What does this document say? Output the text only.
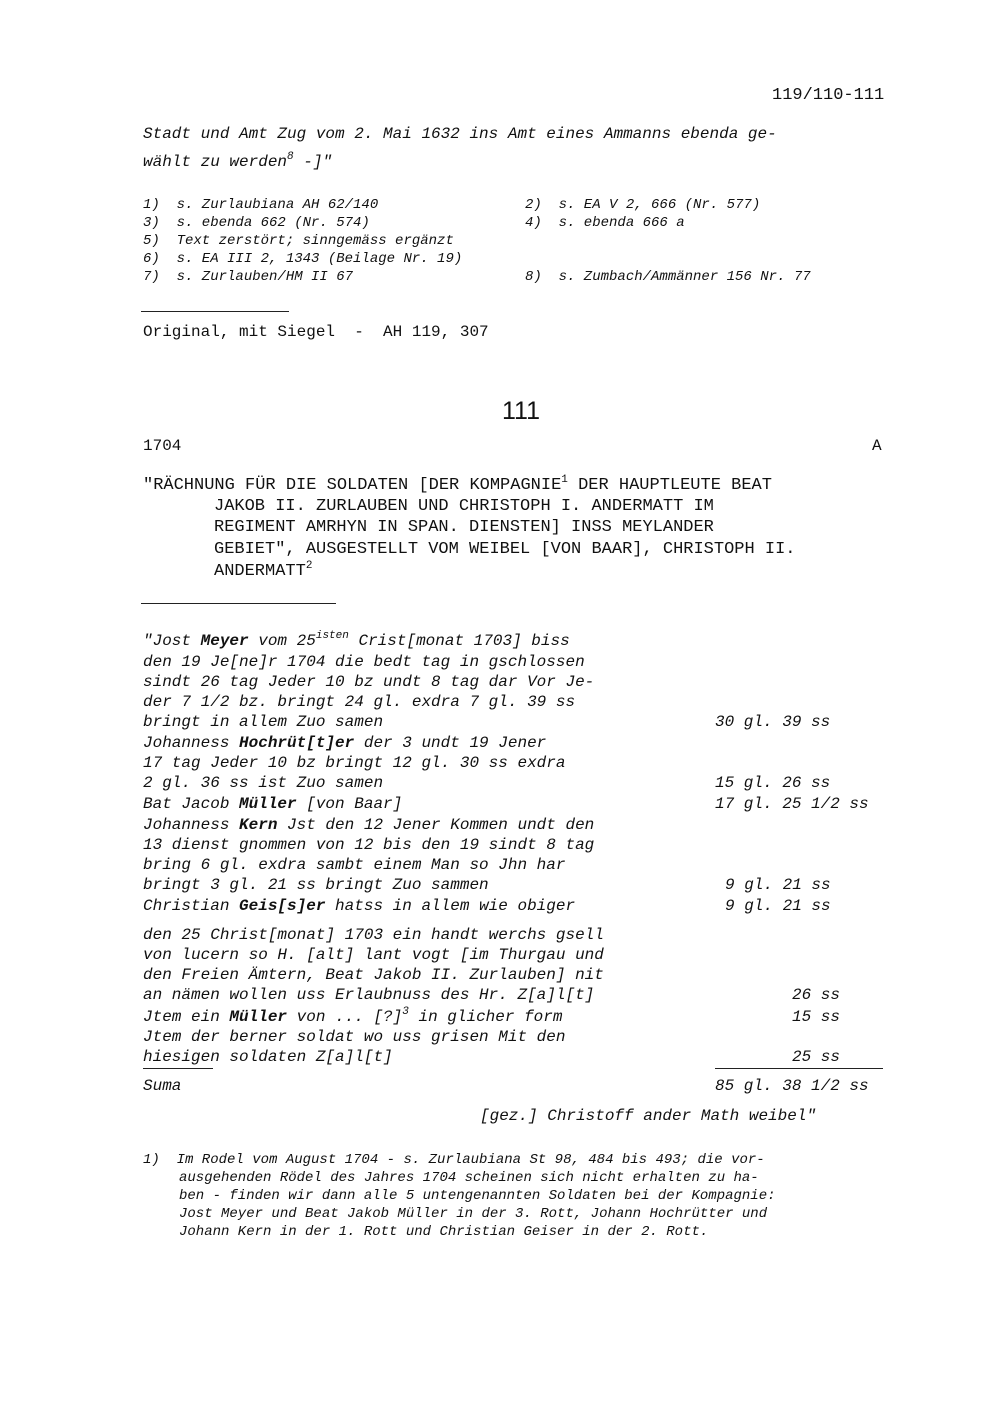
119/110-111
Stadt und Amt Zug vom 2. Mai 1632 ins Amt eines Ammanns ebenda ge-
wählt zu werden$^8$ -]"
1)  s. Zurlaubiana AH 62/140	2)  s. EA V 2, 666 (Nr. 577)
3)  s. ebenda 662 (Nr. 574)	4)  s. ebenda 666 a
5)  Text zerstört; sinngemäss ergänzt
6)  s. EA III 2, 1343 (Beilage Nr. 19)
7)  s. Zurlauben/HM II 67	8)  s. Zumbach/Ammänner 156 Nr. 77
Original, mit Siegel  -  AH 119, 307
111
1704	A
"RÄCHNUNG FÜR DIE SOLDATEN [DER KOMPAGNIE$^1$ DER HAUPTLEUTE BEAT
JAKOB II. ZURLAUBEN UND CHRISTOPH I. ANDERMATT IM
REGIMENT AMRHYN IN SPAN. DIENSTEN] INSS MEYLANDER
GEBIET", AUSGESTELLT VOM WEIBEL [VON BAAR], CHRISTOPH II.
ANDERMATT$^2$
"Jost Meyer vom $25^{isten}$ Crist[monat 1703] biss
den 19 Je[ne]r 1704 die bedt tag in gschlossen
sindt 26 tag Jeder 10 bz undt 8 tag dar Vor Je-
der 7 1/2 bz. bringt 24 gl. exdra 7 gl. 39 ss
bringt in allem Zuo samen	30 gl. 39 ss
Johanness Hochrüt[t]er der 3 undt 19 Jener
17 tag Jeder 10 bz bringt 12 gl. 30 ss exdra
2 gl. 36 ss ist Zuo samen	15 gl. 26 ss
Bat Jacob Müller [von Baar]	17 gl. 25 1/2 ss
Johanness Kern Jst den 12 Jener Kommen undt den
13 dienst gnommen von 12 bis den 19 sindt 8 tag
bring 6 gl. exdra sambt einem Man so Jhn har
bringt 3 gl. 21 ss bringt Zuo sammen	9 gl. 21 ss
Christian Geis[s]er hatss in allem wie obiger	9 gl. 21 ss
den 25 Christ[monat] 1703 ein handt werchs gsell
von lucern so H. [alt] lant vogt [im Thurgau und
den Freien Ämtern, Beat Jakob II. Zurlauben] nit
an nämen wollen uss Erlaubnuss des Hr. Z[a]l[t]	26 ss
Jtem ein Müller von ... [?]$^3$ in glicher form	15 ss
Jtem der berner soldat wo uss grisen Mit den
hiesigen soldaten Z[a]l[t]	25 ss
Suma	85 gl. 38 1/2 ss
[gez.] Christoff ander Math weibel"
1)  Im Rodel vom August 1704 - s. Zurlaubiana St 98, 484 bis 493; die vor-
ausgehenden Rödel des Jahres 1704 scheinen sich nicht erhalten zu ha-
ben - finden wir dann alle 5 untengenannten Soldaten bei der Kompagnie:
Jost Meyer und Beat Jakob Müller in der 3. Rott, Johann Hochrütter und
Johann Kern in der 1. Rott und Christian Geiser in der 2. Rott.
